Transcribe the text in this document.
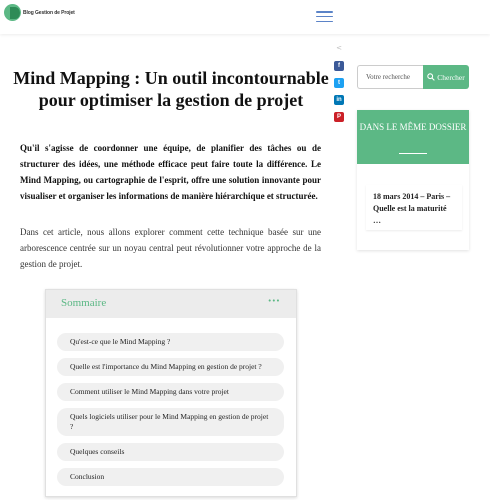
Blog Gestion de Projet
<
f
t
in
P
Mind Mapping : Un outil incontournable pour optimiser la gestion de projet

Qu'il s'agisse de coordonner une équipe, de planifier des tâches ou de structurer des idées, une méthode efficace peut faire toute la différence. Le Mind Mapping, ou cartographie de l'esprit, offre une solution innovante pour visualiser et organiser les informations de manière hiérarchique et structurée.

Dans cet article, nous allons explorer comment cette technique basée sur une arborescence centrée sur un noyau central peut révolutionner votre approche de la gestion de projet.

Sommaire	•••
Qu'est-ce que le Mind Mapping ?
Quelle est l'importance du Mind Mapping en gestion de projet ?
Comment utiliser le Mind Mapping dans votre projet
Quels logiciels utiliser pour le Mind Mapping en gestion de projet ?
Quelques conseils
Conclusion
Votre recherche
Chercher
DANS LE MÊME DOSSIER
18 mars 2014 – Paris – Quelle est la maturité …
